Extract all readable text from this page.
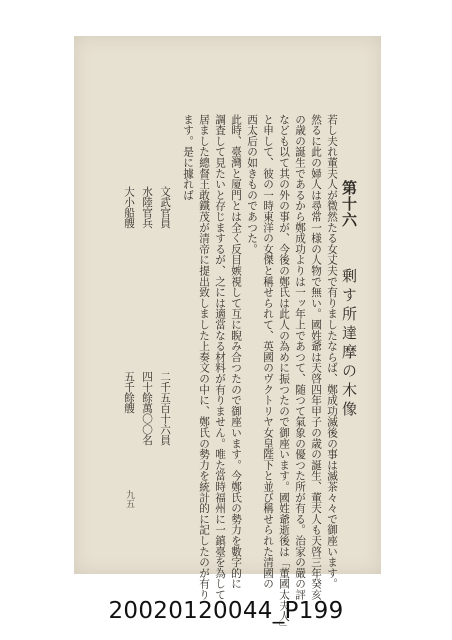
第十六
剰す所達摩の木像
若し夫れ董夫人が微然たる女丈夫で有りましたならば、鄭成功滅後の事は滅茶々々で御座います。
然るに此の婦人は尋常一様の人物で無い。國姓爺は天啓四年甲子の歳の誕生、董夫人も天啓三年癸亥
の歳の誕生であるから鄭成功よりは一ッ年上であつて、随つて氣象の優つた所が有る。治家の嚴の評
なども以て其の外の事が、今後の鄭氏は此人の為めに振つたので御座います。國姓爺逝後は「董國太夫人」
と申して、彼の一時東洋の女傑と稱せられて、英國のヴクトリヤ女皇陛下と並び稱せられた清國の
西太后の如きものであつた。
此時、臺灣と厦門とは全く反目嫉視して互に睨み合つたので御座います。今鄭氏の勢力を數字的に
調査して見たいと存じまするが、之には適當なる材料が有りません。唯た當時福州に一鎮臺を為して
居ました總督王敢鐵茂が清帝に提出致しました上奏文の中に、鄭氏の勢力を統計的に記したのが有り
ます。是に據れば
文武官員
二千五百十六員
水陸官兵
四十餘萬〇〇名
大小船艘
五千餘艘
九五
20020120044_P199
